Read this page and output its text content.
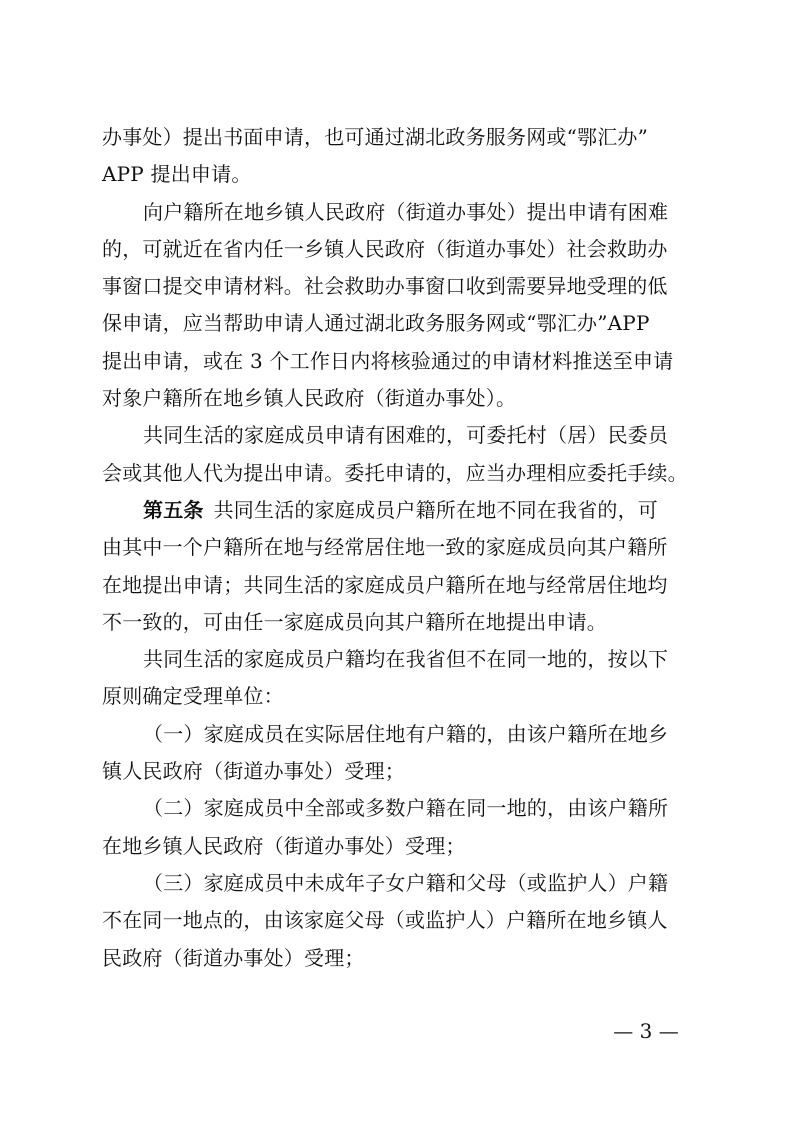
办事处）提出书面申请，也可通过湖北政务服务网或“鄂汇办”
APP 提出申请。
向户籍所在地乡镇人民政府（街道办事处）提出申请有困难
的，可就近在省内任一乡镇人民政府（街道办事处）社会救助办
事窗口提交申请材料。社会救助办事窗口收到需要异地受理的低
保申请，应当帮助申请人通过湖北政务服务网或“鄂汇办”APP
提出申请，或在 3 个工作日内将核验通过的申请材料推送至申请
对象户籍所在地乡镇人民政府（街道办事处）。
共同生活的家庭成员申请有困难的，可委托村（居）民委员
会或其他人代为提出申请。委托申请的，应当办理相应委托手续。
第五条 共同生活的家庭成员户籍所在地不同在我省的，可
由其中一个户籍所在地与经常居住地一致的家庭成员向其户籍所
在地提出申请；共同生活的家庭成员户籍所在地与经常居住地均
不一致的，可由任一家庭成员向其户籍所在地提出申请。
共同生活的家庭成员户籍均在我省但不在同一地的，按以下
原则确定受理单位：
（一）家庭成员在实际居住地有户籍的，由该户籍所在地乡
镇人民政府（街道办事处）受理；
（二）家庭成员中全部或多数户籍在同一地的，由该户籍所
在地乡镇人民政府（街道办事处）受理；
（三）家庭成员中未成年子女户籍和父母（或监护人）户籍
不在同一地点的，由该家庭父母（或监护人）户籍所在地乡镇人
民政府（街道办事处）受理；
— 3 —
